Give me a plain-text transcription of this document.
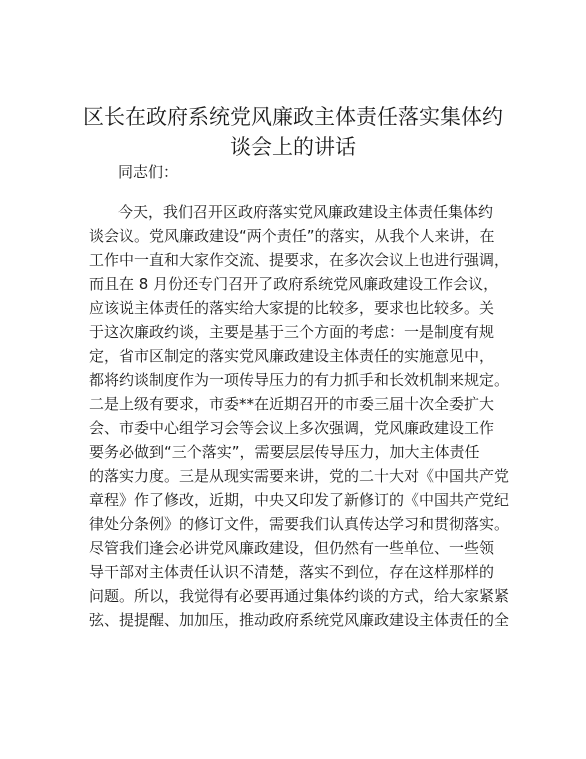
区长在政府系统党风廉政主体责任落实集体约
谈会上的讲话
同志们：
今天，我们召开区政府落实党风廉政建设主体责任集体约
谈会议。党风廉政建设“两个责任”的落实，从我个人来讲，在
工作中一直和大家作交流、提要求，在多次会议上也进行强调，
而且在 8 月份还专门召开了政府系统党风廉政建设工作会议，
应该说主体责任的落实给大家提的比较多，要求也比较多。关
于这次廉政约谈，主要是基于三个方面的考虑：一是制度有规
定，省市区制定的落实党风廉政建设主体责任的实施意见中，
都将约谈制度作为一项传导压力的有力抓手和长效机制来规定。
二是上级有要求，市委**在近期召开的市委三届十次全委扩大
会、市委中心组学习会等会议上多次强调，党风廉政建设工作
要务必做到“三个落实”，需要层层传导压力，加大主体责任
的落实力度。三是从现实需要来讲，党的二十大对《中国共产党
章程》作了修改，近期，中央又印发了新修订的《中国共产党纪
律处分条例》的修订文件，需要我们认真传达学习和贯彻落实。
尽管我们逢会必讲党风廉政建设，但仍然有一些单位、一些领
导干部对主体责任认识不清楚，落实不到位，存在这样那样的
问题。所以，我觉得有必要再通过集体约谈的方式，给大家紧紧
弦、提提醒、加加压，推动政府系统党风廉政建设主体责任的全
